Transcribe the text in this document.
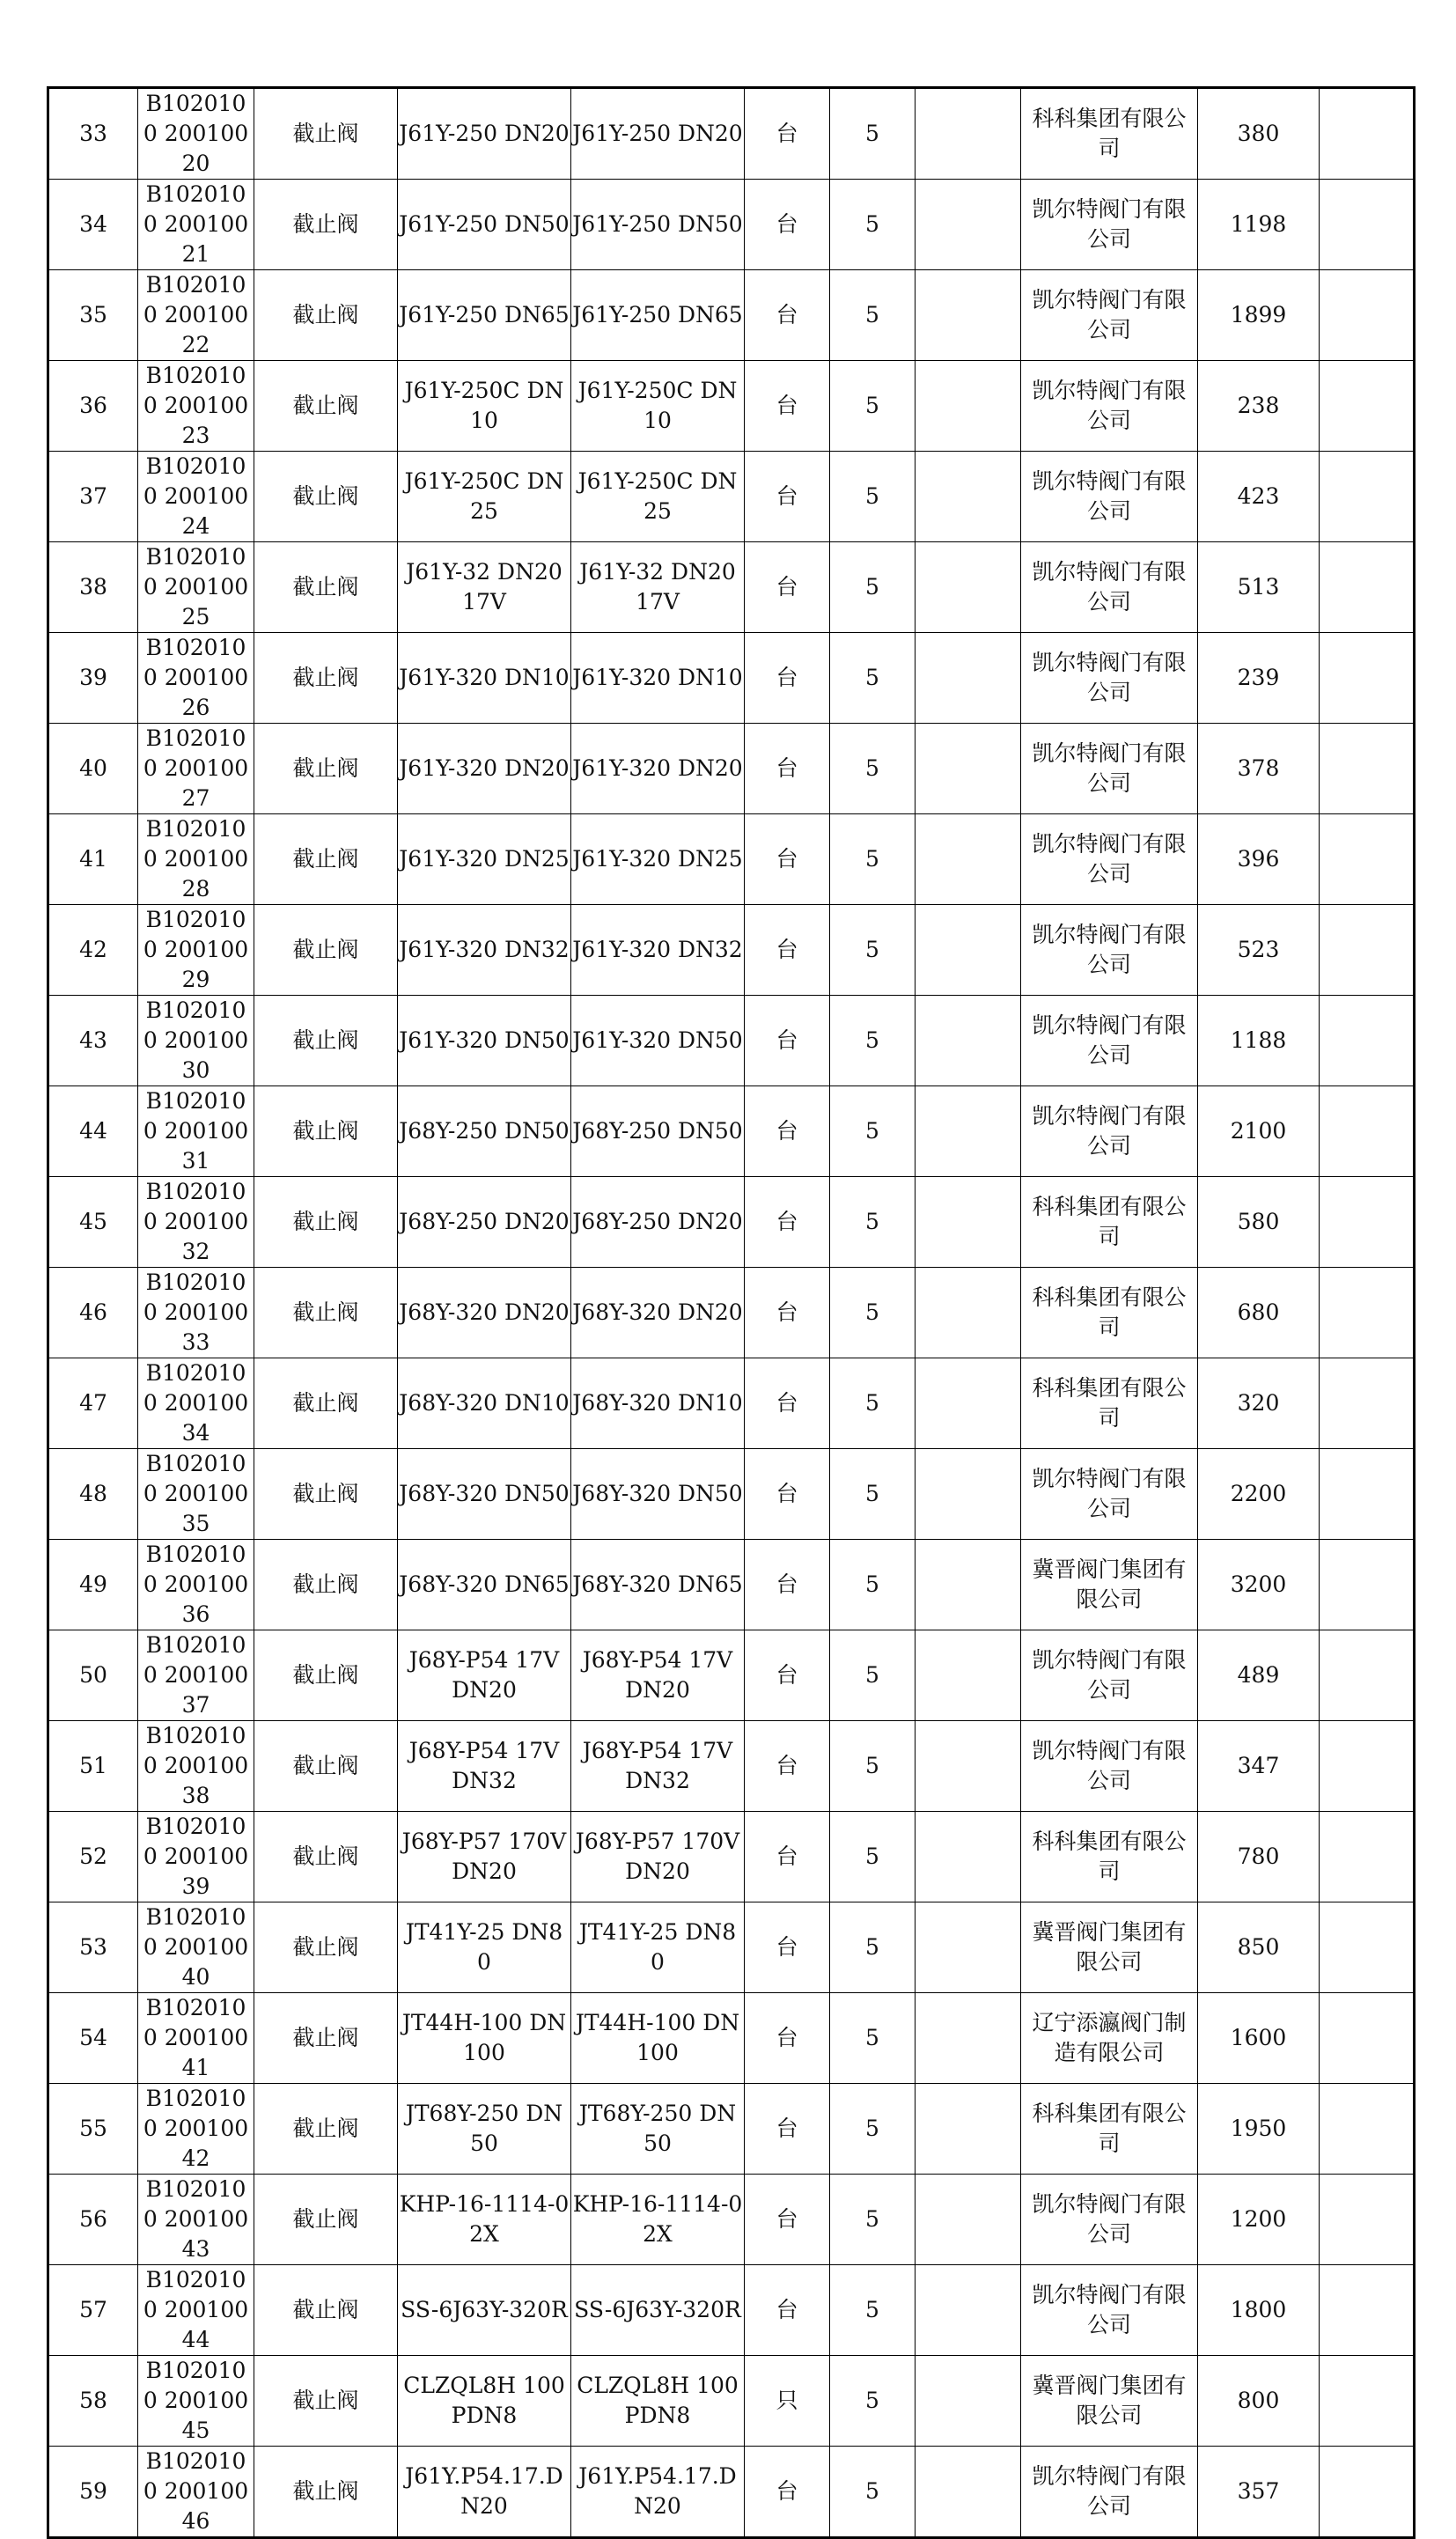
33	B1020100 20010020	截止阀	J61Y-250 DN20	J61Y-250 DN20	台	5		科科集团有限公司	380	
34	B1020100 20010021	截止阀	J61Y-250 DN50	J61Y-250 DN50	台	5		凯尔特阀门有限公司	1198	
35	B1020100 20010022	截止阀	J61Y-250 DN65	J61Y-250 DN65	台	5		凯尔特阀门有限公司	1899	
36	B1020100 20010023	截止阀	J61Y-250C DN10	J61Y-250C DN10	台	5		凯尔特阀门有限公司	238	
37	B1020100 20010024	截止阀	J61Y-250C DN25	J61Y-250C DN25	台	5		凯尔特阀门有限公司	423	
38	B1020100 20010025	截止阀	J61Y-32 DN20 17V	J61Y-32 DN20 17V	台	5		凯尔特阀门有限公司	513	
39	B1020100 20010026	截止阀	J61Y-320 DN10	J61Y-320 DN10	台	5		凯尔特阀门有限公司	239	
40	B1020100 20010027	截止阀	J61Y-320 DN20	J61Y-320 DN20	台	5		凯尔特阀门有限公司	378	
41	B1020100 20010028	截止阀	J61Y-320 DN25	J61Y-320 DN25	台	5		凯尔特阀门有限公司	396	
42	B1020100 20010029	截止阀	J61Y-320 DN32	J61Y-320 DN32	台	5		凯尔特阀门有限公司	523	
43	B1020100 20010030	截止阀	J61Y-320 DN50	J61Y-320 DN50	台	5		凯尔特阀门有限公司	1188	
44	B1020100 20010031	截止阀	J68Y-250 DN50	J68Y-250 DN50	台	5		凯尔特阀门有限公司	2100	
45	B1020100 20010032	截止阀	J68Y-250 DN20	J68Y-250 DN20	台	5		科科集团有限公司	580	
46	B1020100 20010033	截止阀	J68Y-320 DN20	J68Y-320 DN20	台	5		科科集团有限公司	680	
47	B1020100 20010034	截止阀	J68Y-320 DN10	J68Y-320 DN10	台	5		科科集团有限公司	320	
48	B1020100 20010035	截止阀	J68Y-320 DN50	J68Y-320 DN50	台	5		凯尔特阀门有限公司	2200	
49	B1020100 20010036	截止阀	J68Y-320 DN65	J68Y-320 DN65	台	5		冀晋阀门集团有限公司	3200	
50	B1020100 20010037	截止阀	J68Y-P54 17V DN20	J68Y-P54 17V DN20	台	5		凯尔特阀门有限公司	489	
51	B1020100 20010038	截止阀	J68Y-P54 17V DN32	J68Y-P54 17V DN32	台	5		凯尔特阀门有限公司	347	
52	B1020100 20010039	截止阀	J68Y-P57 170V DN20	J68Y-P57 170V DN20	台	5		科科集团有限公司	780	
53	B1020100 20010040	截止阀	JT41Y-25 DN80	JT41Y-25 DN80	台	5		冀晋阀门集团有限公司	850	
54	B1020100 20010041	截止阀	JT44H-100 DN100	JT44H-100 DN100	台	5		辽宁添瀛阀门制造有限公司	1600	
55	B1020100 20010042	截止阀	JT68Y-250 DN50	JT68Y-250 DN50	台	5		科科集团有限公司	1950	
56	B1020100 20010043	截止阀	KHP-16-1114-02X	KHP-16-1114-02X	台	5		凯尔特阀门有限公司	1200	
57	B1020100 20010044	截止阀	SS-6J63Y-320R	SS-6J63Y-320R	台	5		凯尔特阀门有限公司	1800	
58	B1020100 20010045	截止阀	CLZQL8H 100PDN8	CLZQL8H 100PDN8	只	5		冀晋阀门集团有限公司	800	
59	B1020100 20010046	截止阀	J61Y.P54.17.DN20	J61Y.P54.17.DN20	台	5		凯尔特阀门有限公司	357	
